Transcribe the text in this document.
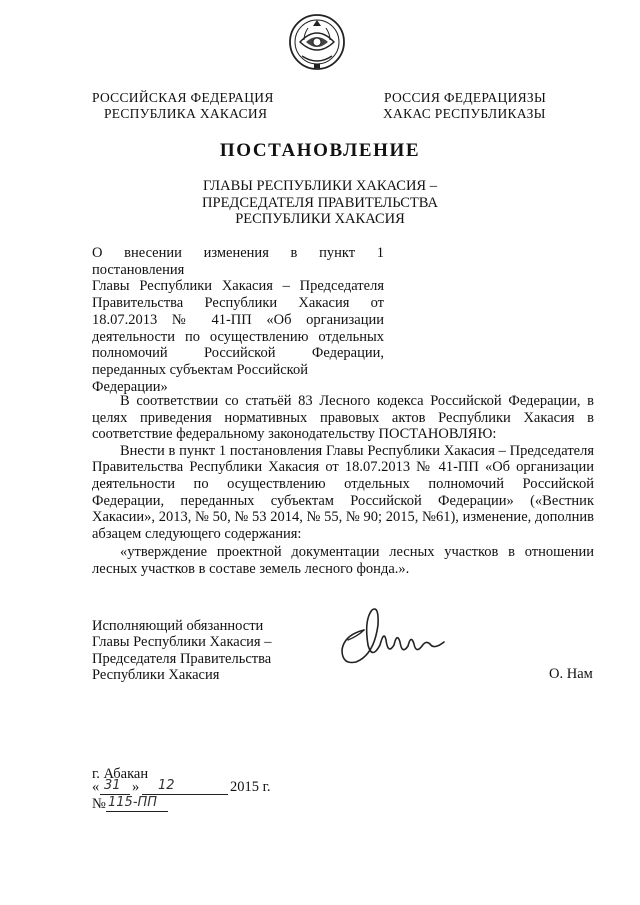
РОССИЙСКАЯ ФЕДЕРАЦИЯ
РЕСПУБЛИКА ХАКАСИЯ
РОССИЯ ФЕДЕРАЦИЯЗЫ
ХАКАС РЕСПУБЛИКАЗЫ
ПОСТАНОВЛЕНИЕ
ГЛАВЫ РЕСПУБЛИКИ ХАКАСИЯ –
ПРЕДСЕДАТЕЛЯ ПРАВИТЕЛЬСТВА
РЕСПУБЛИКИ ХАКАСИЯ
О внесении изменения в пункт 1 постановления
Главы Республики Хакасия – Председателя
Правительства Республики Хакасия от
18.07.2013 № 41-ПП «Об организации
деятельности по осуществлению отдельных
полномочий Российской Федерации,
переданных субъектам Российской Федерации»

В соответствии со статьёй 83 Лесного кодекса Российской Федерации, в целях приведения нормативных правовых актов Республики Хакасия в соответствие федеральному законодательству ПОСТАНОВЛЯЮ:

Внести в пункт 1 постановления Главы Республики Хакасия – Председателя Правительства Республики Хакасия от 18.07.2013 № 41-ПП «Об организации деятельности по осуществлению отдельных полномочий Российской Федерации, переданных субъектам Российской Федерации» («Вестник Хакасии», 2013, № 50, № 53 2014, № 55, № 90; 2015, №61), изменение, дополнив абзацем следующего содержания:

«утверждение проектной документации лесных участков в отношении лесных участков в составе земель лесного фонда.».

Исполняющий обязанности
Главы Республики Хакасия –
Председателя Правительства
Республики Хакасия	О. Нам
г. Абакан
« 31 » 12	2015 г.
№ 115-ПП
